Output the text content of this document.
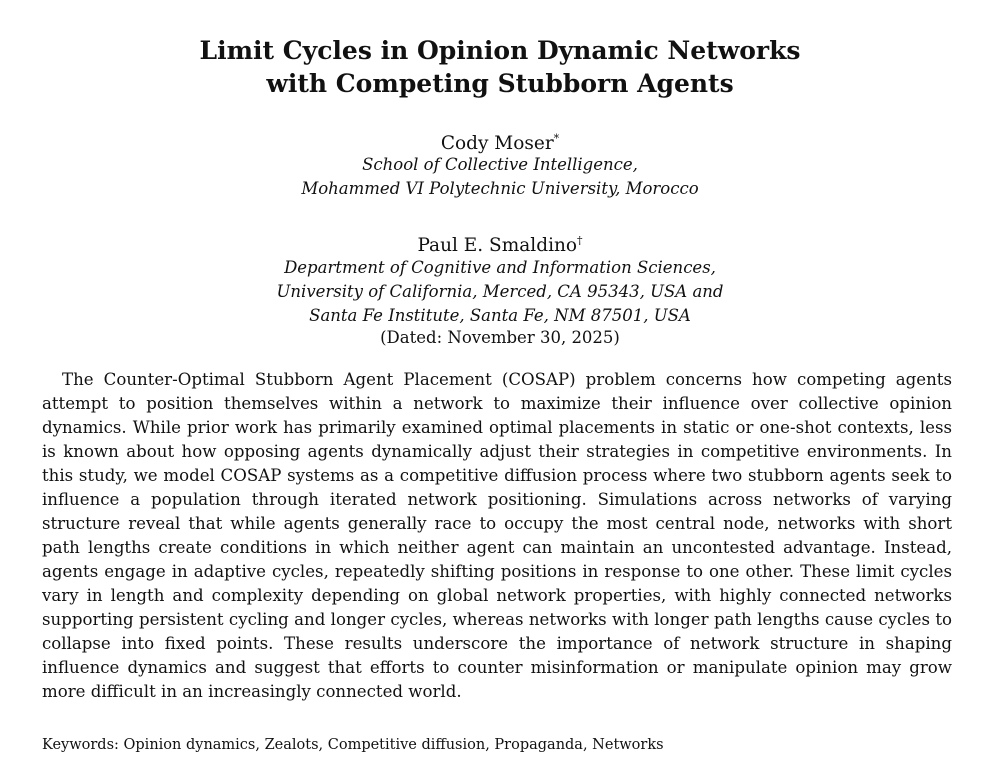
Limit Cycles in Opinion Dynamic Networks
with Competing Stubborn Agents
Cody Moser*
School of Collective Intelligence,
Mohammed VI Polytechnic University, Morocco
Paul E. Smaldino†
Department of Cognitive and Information Sciences,
University of California, Merced, CA 95343, USA and
Santa Fe Institute, Santa Fe, NM 87501, USA
(Dated: November 30, 2025)

The Counter-Optimal Stubborn Agent Placement (COSAP) problem concerns how competing agents attempt to position themselves within a network to maximize their influence over collective opinion dynamics. While prior work has primarily examined optimal placements in static or one-shot contexts, less is known about how opposing agents dynamically adjust their strategies in competitive environments. In this study, we model COSAP systems as a competitive diffusion process where two stubborn agents seek to influence a population through iterated network positioning. Simulations across networks of varying structure reveal that while agents generally race to occupy the most central node, networks with short path lengths create conditions in which neither agent can maintain an uncontested advantage. Instead, agents engage in adaptive cycles, repeatedly shifting positions in response to one other. These limit cycles vary in length and complexity depending on global network properties, with highly connected networks supporting persistent cycling and longer cycles, whereas networks with longer path lengths cause cycles to collapse into fixed points. These results underscore the importance of network structure in shaping influence dynamics and suggest that efforts to counter misinformation or manipulate opinion may grow more difficult in an increasingly connected world.

Keywords: Opinion dynamics, Zealots, Competitive diffusion, Propaganda, Networks
